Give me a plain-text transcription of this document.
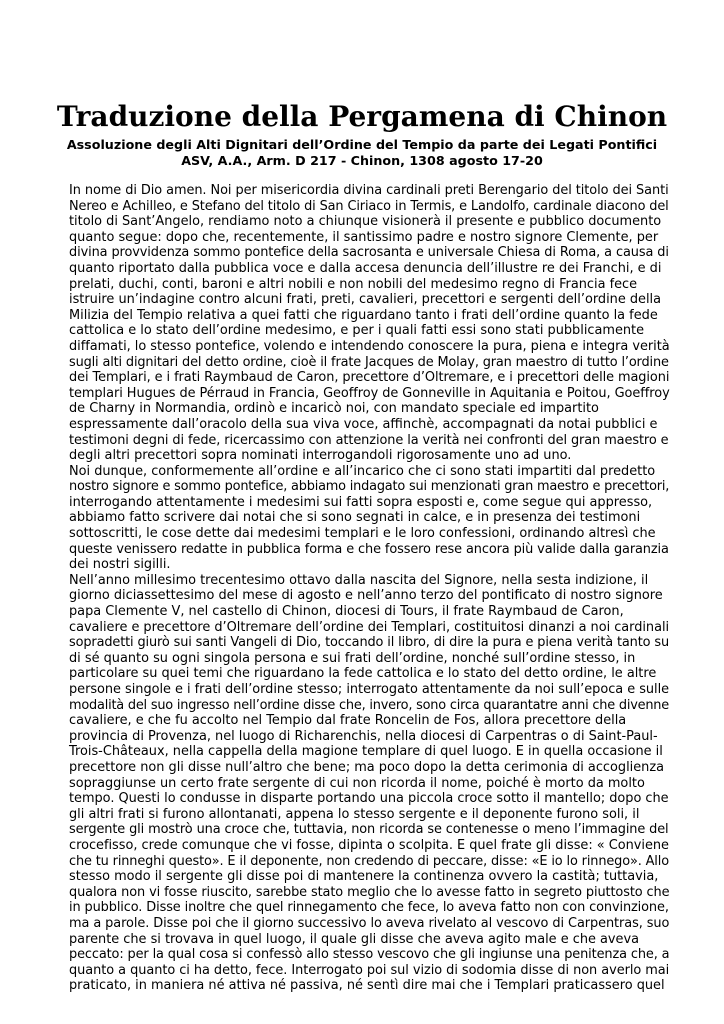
Traduzione della Pergamena di Chinon
Assoluzione degli Alti Dignitari dell’Ordine del Tempio da parte dei Legati Pontifici
ASV, A.A., Arm. D 217 - Chinon, 1308 agosto 17-20
In nome di Dio amen. Noi per misericordia divina cardinali preti Berengario del titolo dei Santi
Nereo e Achilleo, e Stefano del titolo di San Ciriaco in Termis, e Landolfo, cardinale diacono del
titolo di Sant’Angelo, rendiamo noto a chiunque visionerà il presente e pubblico documento
quanto segue: dopo che, recentemente, il santissimo padre e nostro signore Clemente, per
divina provvidenza sommo pontefice della sacrosanta e universale Chiesa di Roma, a causa di
quanto riportato dalla pubblica voce e dalla accesa denuncia dell’illustre re dei Franchi, e di
prelati, duchi, conti, baroni e altri nobili e non nobili del medesimo regno di Francia fece
istruire un’indagine contro alcuni frati, preti, cavalieri, precettori e sergenti dell’ordine della
Milizia del Tempio relativa a quei fatti che riguardano tanto i frati dell’ordine quanto la fede
cattolica e lo stato dell’ordine medesimo, e per i quali fatti essi sono stati pubblicamente
diffamati, lo stesso pontefice, volendo e intendendo conoscere la pura, piena e integra verità
sugli alti dignitari del detto ordine, cioè il frate Jacques de Molay, gran maestro di tutto l’ordine
dei Templari, e i frati Raymbaud de Caron, precettore d’Oltremare, e i precettori delle magioni
templari Hugues de Pérraud in Francia, Geoffroy de Gonneville in Aquitania e Poitou, Goeffroy
de Charny in Normandia, ordinò e incaricò noi, con mandato speciale ed impartito
espressamente dall’oracolo della sua viva voce, affinchè, accompagnati da notai pubblici e
testimoni degni di fede, ricercassimo con attenzione la verità nei confronti del gran maestro e
degli altri precettori sopra nominati interrogandoli rigorosamente uno ad uno.
Noi dunque, conformemente all’ordine e all’incarico che ci sono stati impartiti dal predetto
nostro signore e sommo pontefice, abbiamo indagato sui menzionati gran maestro e precettori,
interrogando attentamente i medesimi sui fatti sopra esposti e, come segue qui appresso,
abbiamo fatto scrivere dai notai che si sono segnati in calce, e in presenza dei testimoni
sottoscritti, le cose dette dai medesimi templari e le loro confessioni, ordinando altresì che
queste venissero redatte in pubblica forma e che fossero rese ancora più valide dalla garanzia
dei nostri sigilli.
Nell’anno millesimo trecentesimo ottavo dalla nascita del Signore, nella sesta indizione, il
giorno diciassettesimo del mese di agosto e nell’anno terzo del pontificato di nostro signore
papa Clemente V, nel castello di Chinon, diocesi di Tours, il frate Raymbaud de Caron,
cavaliere e precettore d’Oltremare dell’ordine dei Templari, costituitosi dinanzi a noi cardinali
sopradetti giurò sui santi Vangeli di Dio, toccando il libro, di dire la pura e piena verità tanto su
di sé quanto su ogni singola persona e sui frati dell’ordine, nonché sull’ordine stesso, in
particolare su quei temi che riguardano la fede cattolica e lo stato del detto ordine, le altre
persone singole e i frati dell’ordine stesso; interrogato attentamente da noi sull’epoca e sulle
modalità del suo ingresso nell’ordine disse che, invero, sono circa quarantatre anni che divenne
cavaliere, e che fu accolto nel Tempio dal frate Roncelin de Fos, allora precettore della
provincia di Provenza, nel luogo di Richarenchis, nella diocesi di Carpentras o di Saint-Paul-
Trois-Châteaux, nella cappella della magione templare di quel luogo. E in quella occasione il
precettore non gli disse null’altro che bene; ma poco dopo la detta cerimonia di accoglienza
sopraggiunse un certo frate sergente di cui non ricorda il nome, poiché è morto da molto
tempo. Questi lo condusse in disparte portando una piccola croce sotto il mantello; dopo che
gli altri frati si furono allontanati, appena lo stesso sergente e il deponente furono soli, il
sergente gli mostrò una croce che, tuttavia, non ricorda se contenesse o meno l’immagine del
crocefisso, crede comunque che vi fosse, dipinta o scolpita. E quel frate gli disse: « Conviene
che tu rinneghi questo». E il deponente, non credendo di peccare, disse: «E io lo rinnego». Allo
stesso modo il sergente gli disse poi di mantenere la continenza ovvero la castità; tuttavia,
qualora non vi fosse riuscito, sarebbe stato meglio che lo avesse fatto in segreto piuttosto che
in pubblico. Disse inoltre che quel rinnegamento che fece, lo aveva fatto non con convinzione,
ma a parole. Disse poi che il giorno successivo lo aveva rivelato al vescovo di Carpentras, suo
parente che si trovava in quel luogo, il quale gli disse che aveva agito male e che aveva
peccato: per la qual cosa si confessò allo stesso vescovo che gli ingiunse una penitenza che, a
quanto a quanto ci ha detto, fece. Interrogato poi sul vizio di sodomia disse di non averlo mai
praticato, in maniera né attiva né passiva, né sentì dire mai che i Templari praticassero quel
